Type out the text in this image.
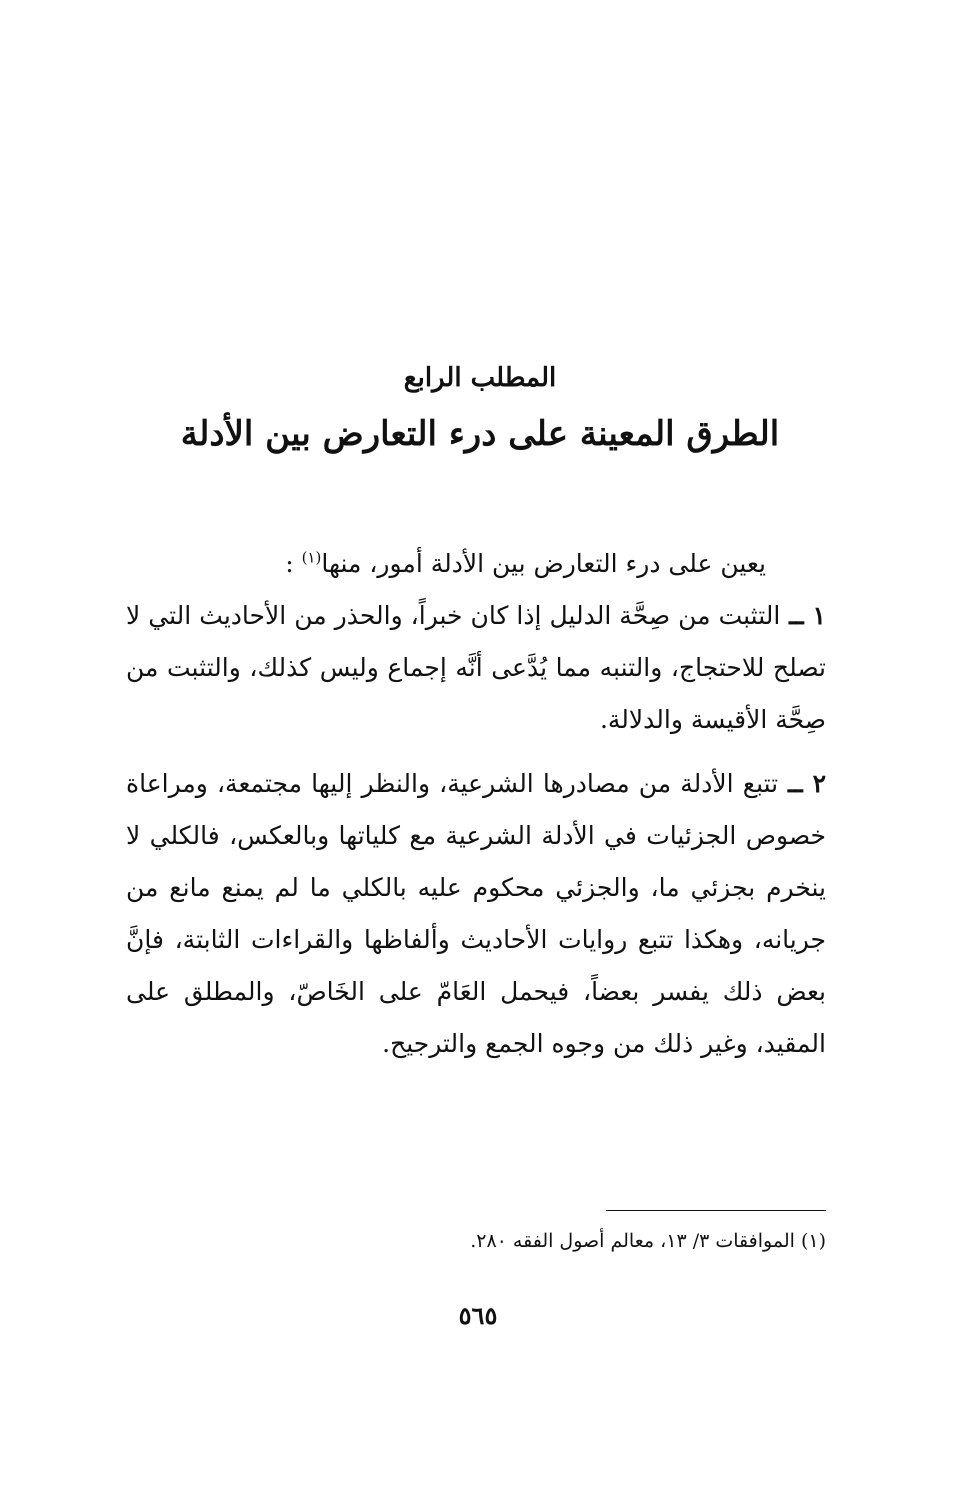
المطلب الرابع
الطرق المعينة على درء التعارض بين الأدلة

يعين على درء التعارض بين الأدلة أمور، منها$^{(١)}$ :

١ ــ التثبت من صِحَّة الدليل إذا كان خبراً، والحذر من الأحاديث التي لا تصلح للاحتجاج، والتنبه مما يُدَّعى أنَّه إجماع وليس كذلك، والتثبت من صِحَّة الأقيسة والدلالة.

٢ ــ تتبع الأدلة من مصادرها الشرعية، والنظر إليها مجتمعة، ومراعاة خصوص الجزئيات في الأدلة الشرعية مع كلياتها وبالعكس، فالكلي لا ينخرم بجزئي ما، والجزئي محكوم عليه بالكلي ما لم يمنع مانع من جريانه، وهكذا تتبع روايات الأحاديث وألفاظها والقراءات الثابتة، فإنَّ بعض ذلك يفسر بعضاً، فيحمل العَامّ على الخَاصّ، والمطلق على المقيد، وغير ذلك من وجوه الجمع والترجيح.

(١) الموافقات ٣/ ١٣، معالم أصول الفقه ٢٨٠.
٥٦٥
